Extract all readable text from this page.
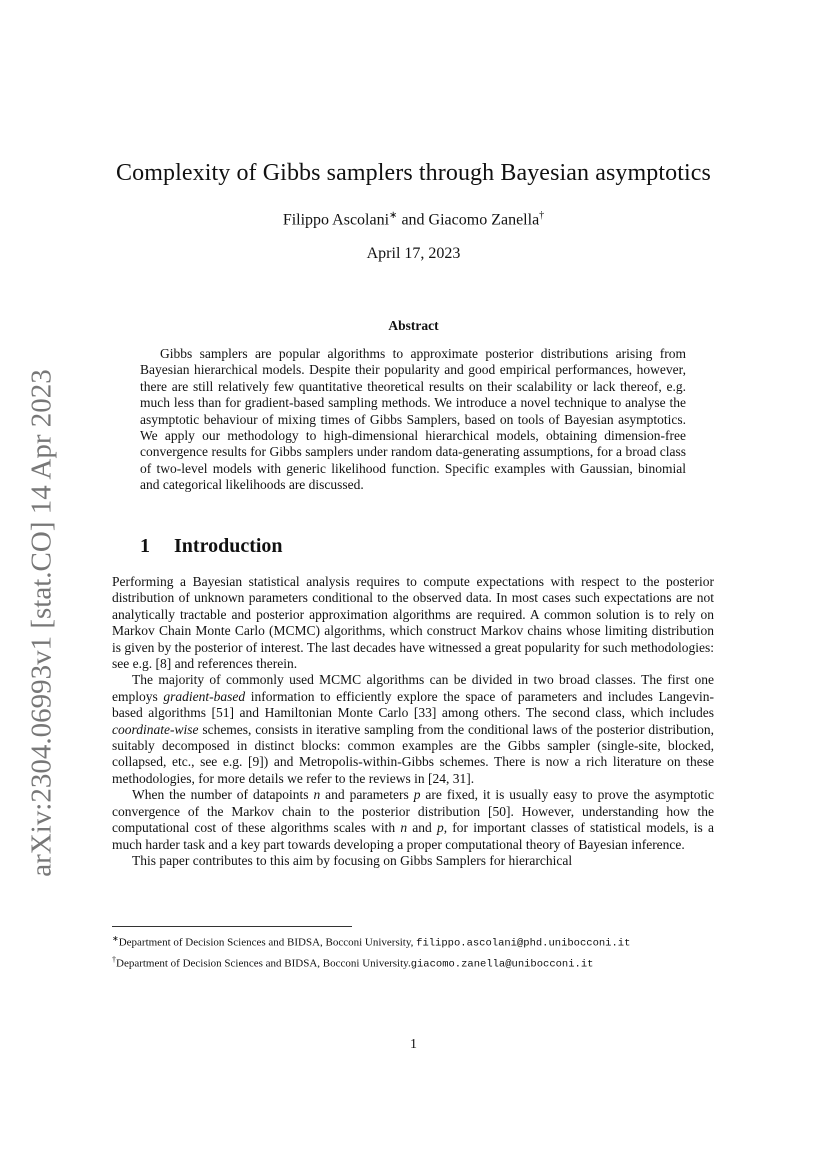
arXiv:2304.06993v1 [stat.CO] 14 Apr 2023
Complexity of Gibbs samplers through Bayesian asymptotics
Filippo Ascolani∗ and Giacomo Zanella†
April 17, 2023
Abstract

Gibbs samplers are popular algorithms to approximate posterior distributions arising from Bayesian hierarchical models. Despite their popularity and good empirical performances, however, there are still relatively few quantitative theoretical results on their scalability or lack thereof, e.g. much less than for gradient-based sampling methods. We introduce a novel technique to analyse the asymptotic behaviour of mixing times of Gibbs Samplers, based on tools of Bayesian asymptotics. We apply our methodology to high-dimensional hierarchical models, obtaining dimension-free convergence results for Gibbs samplers under random data-generating assumptions, for a broad class of two-level models with generic likelihood function. Specific examples with Gaussian, binomial and categorical likelihoods are discussed.

1 Introduction

Performing a Bayesian statistical analysis requires to compute expectations with respect to the posterior distribution of unknown parameters conditional to the observed data. In most cases such expectations are not analytically tractable and posterior approximation algorithms are required. A common solution is to rely on Markov Chain Monte Carlo (MCMC) algorithms, which construct Markov chains whose limiting distribution is given by the posterior of interest. The last decades have witnessed a great popularity for such methodologies: see e.g. [8] and references therein.

The majority of commonly used MCMC algorithms can be divided in two broad classes. The first one employs gradient-based information to efficiently explore the space of parameters and includes Langevin-based algorithms [51] and Hamiltonian Monte Carlo [33] among others. The second class, which includes coordinate-wise schemes, consists in iterative sampling from the conditional laws of the posterior distribution, suitably decomposed in distinct blocks: common examples are the Gibbs sampler (single-site, blocked, collapsed, etc., see e.g. [9]) and Metropolis-within-Gibbs schemes. There is now a rich literature on these methodologies, for more details we refer to the reviews in [24, 31].

When the number of datapoints n and parameters p are fixed, it is usually easy to prove the asymptotic convergence of the Markov chain to the posterior distribution [50]. However, understanding how the computational cost of these algorithms scales with n and p, for important classes of statistical models, is a much harder task and a key part towards developing a proper computational theory of Bayesian inference.

This paper contributes to this aim by focusing on Gibbs Samplers for hierarchical

∗Department of Decision Sciences and BIDSA, Bocconi University, filippo.ascolani@phd.unibocconi.it
†Department of Decision Sciences and BIDSA, Bocconi University.giacomo.zanella@unibocconi.it
1
